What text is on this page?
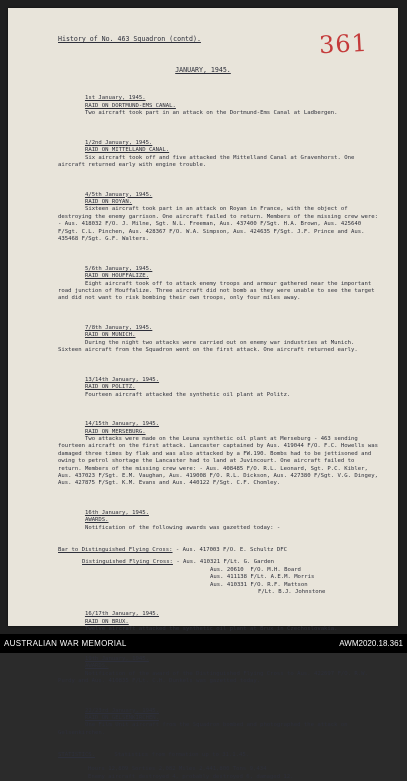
361
History of No. 463 Squadron (contd).
JANUARY, 1945.

1st January, 1945.
RAID ON DORTMUND-EMS CANAL.
Two aircraft took part in an attack on the Dortmund-Ems Canal at Ladbergen.

1/2nd January, 1945.
RAID ON MITTELLAND CANAL.
Six aircraft took off and five attacked the Mittelland Canal at Gravenhorst. One aircraft returned early with engine trouble.

4/5th January, 1945.
RAID ON ROYAN.
Sixteen aircraft took part in an attack on Royan in France, with the object of destroying the enemy garrison. One aircraft failed to return. Members of the missing crew were: - Aus. 418032 F/O. J. Milne, Sgt. N.L. Freeman, Aus. 437400 F/Sgt. H.A. Brown, Aus. 425640 F/Sgt. C.L. Pinchen, Aus. 428367 F/O. W.A. Simpson, Aus. 424635 F/Sgt. J.F. Prince and Aus. 435468 F/Sgt. G.F. Walters.

5/6th January, 1945.
RAID ON HOUFFALIZE.
Eight aircraft took off to attack enemy troops and armour gathered near the important road junction of Houffalize. Three aircraft did not bomb as they were unable to see the target and did not want to risk bombing their own troops, only four miles away.

7/8th January, 1945.
RAID ON MUNICH.
During the night two attacks were carried out on enemy war industries at Munich. Sixteen aircraft from the Squadron went on the first attack. One aircraft returned early.

13/14th January, 1945.
RAID ON POLITZ.
Fourteen aircraft attacked the synthetic oil plant at Politz.

14/15th January, 1945.
RAID ON MERSEBURG.
Two attacks were made on the Leuna synthetic oil plant at Merseburg - 463 sending fourteen aircraft on the first attack. Lancaster captained by Aus. 419044 F/O. F.C. Howells was damaged three times by flak and was also attacked by a FW.190. Bombs had to be jettisoned and owing to petrol shortage the Lancaster had to land at Juvincourt. One aircraft failed to return. Members of the missing crew were: - Aus. 408485 F/O. R.L. Leonard, Sgt. P.C. Kibler, Aus. 437023 F/Sgt. E.M. Vaughan, Aus. 419008 F/O. R.L. Dickson, Aus. 427380 F/Sgt. V.G. Dingey, Aus. 427875 F/Sgt. K.M. Evans and Aus. 440122 F/Sgt. C.F. Chomley.

16th January, 1945.
AWARDS.
Notification of the following awards was gazetted today: -

Bar to Distinguished Flying Cross: - Aus. 417003 F/O. E. Schultz DFC
Distinguished Flying Cross: - Aus. 410321 F/Lt. G. Garden
Aus. 20610  F/O. M.H. Board
Aus. 411138 F/Lt. A.E.M. Morris
Aus. 410331 F/O. R.F. Mattson
F/Lt. B.J. Johnstone

16/17th January, 1945.
RAID ON BRUX.
Twelve aircraft attacked the synthetic oil plant at Brux in Czechoslovakia.

19th January, 1945.
AWARDS.
Notification of the award of the Distinguished Flying Cross to Aus. 422697 F/O. R.W. Purdy and Aus. 410835 F/Lt. C.H. Dunkels was gazetted today.

22/23rd January, 1945.
RAID ON GELSENKIRCHEN.
One Film Unit aircraft from the Squadron bombed and photographed the attack on Gelsenkirchen.

STATISTICS.	Statistics from formation up to 31.1.45.
Hours 12,809 Sorties 2,082 Miles 2,441,800 Tons 9,434
Enemy aircraft destroyed 4, probably destroyed 6, damaged 12.
AUSTRALIAN WAR MEMORIAL	AWM2020.18.361
